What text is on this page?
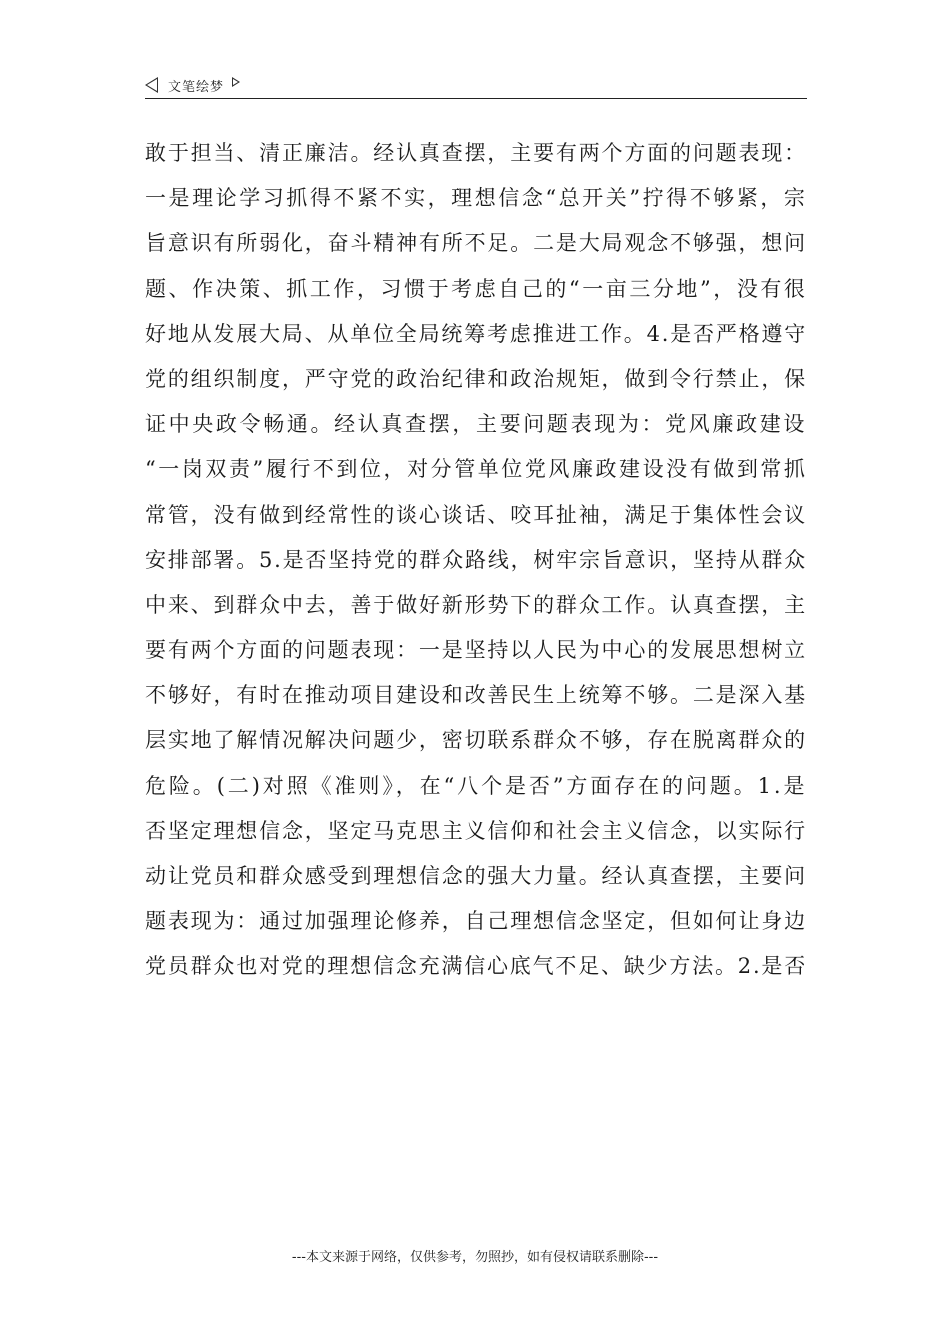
文笔绘梦
敢于担当、清正廉洁。经认真查摆，主要有两个方面的问题表现：
一是理论学习抓得不紧不实，理想信念“总开关”拧得不够紧，宗
旨意识有所弱化，奋斗精神有所不足。二是大局观念不够强，想问
题、作决策、抓工作，习惯于考虑自己的“一亩三分地”，没有很
好地从发展大局、从单位全局统筹考虑推进工作。4.是否严格遵守
党的组织制度，严守党的政治纪律和政治规矩，做到令行禁止，保
证中央政令畅通。经认真查摆，主要问题表现为：党风廉政建设
“一岗双责”履行不到位，对分管单位党风廉政建设没有做到常抓
常管，没有做到经常性的谈心谈话、咬耳扯袖，满足于集体性会议
安排部署。5.是否坚持党的群众路线，树牢宗旨意识，坚持从群众
中来、到群众中去，善于做好新形势下的群众工作。认真查摆，主
要有两个方面的问题表现：一是坚持以人民为中心的发展思想树立
不够好，有时在推动项目建设和改善民生上统筹不够。二是深入基
层实地了解情况解决问题少，密切联系群众不够，存在脱离群众的
危险。(二)对照《准则》，在“八个是否”方面存在的问题。1.是
否坚定理想信念，坚定马克思主义信仰和社会主义信念，以实际行
动让党员和群众感受到理想信念的强大力量。经认真查摆，主要问
题表现为：通过加强理论修养，自己理想信念坚定，但如何让身边
党员群众也对党的理想信念充满信心底气不足、缺少方法。2.是否
---本文来源于网络，仅供参考，勿照抄，如有侵权请联系删除---
